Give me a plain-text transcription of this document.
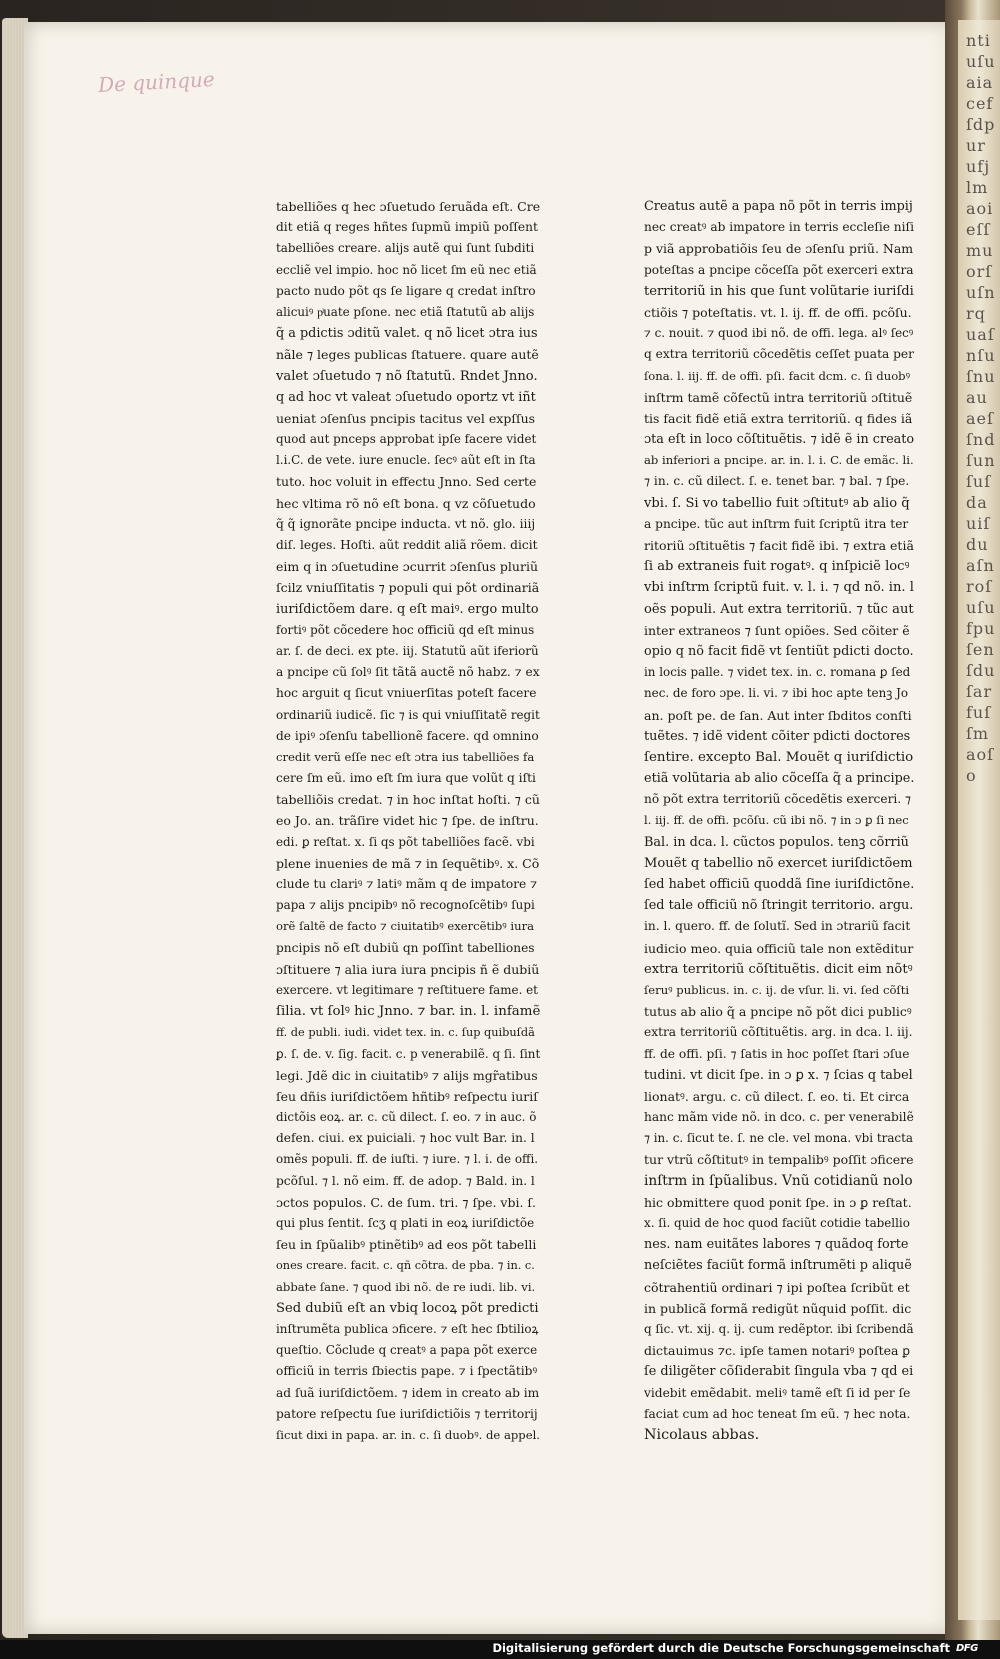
ntiuſuaiacefſdpurufjlmaoieſſmuorſuſnrquaſnſuſnuauaeſſndſunſuſdauiſduaſnroſuſufpuſenſduſarfuſſmaoſo
De quinque
tabelliões q hec ɔſuetudo ſeruãda eſt. Cre
dit etiã q reges hñtes ſupmũ impiũ poſſent
tabelliões creare. alijs autẽ qui ſunt ſubditi
eccliẽ vel impio. hoc nõ licet ſm eũ nec etiã
pacto nudo põt qs ſe ligare q credat inſtro
alicuiꝰ pͥuate pſone. nec etiã ſtatutũ ab alijs
q̃ a pdictis ɔditũ valet. q nõ licet ɔtra ius
nãle ⁊ leges publicas ſtatuere. quare autẽ
valet ɔſuetudo ⁊ nõ ſtatutũ. Rndet Jnno.
q ad hoc vt valeat ɔſuetudo oportz vt iñt
ueniat ɔſenſus pncipis tacitus vel expſſus
quod aut pnceps approbat ipſe facere videt
l.i.C. de vete. iure enucle. ſecꝰ aũt eſt in ſta
tuto. hoc voluit in effectu Jnno. Sed certe
hec vltima rõ nõ eſt bona. q vz cõſuetudo
q̃ q̃ ignorãte pncipe inducta. vt nõ. glo. iiij
diſ. leges. Hoſti. aũt reddit aliã rõem. dicit
eim q in ɔſuetudine ɔcurrit ɔſenſus pluriũ
ſcilz vniuſſitatis ⁊ populi qui põt ordinariã
iuriſdictõem dare. q eſt maiꝰ. ergo multo
fortiꝰ põt cõcedere hoc officiũ qd eſt minus
ar. ſ. de deci. ex pte. iij. Statutũ aũt iferiorũ
a pncipe cũ ſolꝰ ſit tãtã auctẽ nõ habz. ⁊ ex
hoc arguit q ſicut vniuerſitas poteſt facere
ordinariũ iudicẽ. ſic ⁊ is qui vniuſſitatẽ regit
de ipiꝰ ɔſenſu tabellionẽ facere. qd omnino
credit verũ eſſe nec eſt ɔtra ius tabelliões fa
cere ſm eũ. imo eſt ſm iura que volũt q iſti
tabelliõis credat. ⁊ in hoc inſtat hoſti. ⁊ cũ
eo Jo. an. trãſire videt hic ⁊ ſpe. de inſtru.
edi. ꝑ reſtat. x. ſi qs põt tabelliões facẽ. vbi
plene inuenies de mã ⁊ in ſequẽtibꝰ. x. Cõ
clude tu clariꝰ ⁊ latiꝰ mãm q de impatore ⁊
papa ⁊ alijs pncipibꝰ nõ recognoſcẽtibꝰ ſupi
orẽ ſaltẽ de facto ⁊ ciuitatibꝰ exercẽtibꝰ iura
pncipis nõ eſt dubiũ qn poſſint tabelliones
ɔſtituere ⁊ alia iura iura pncipis ñ ẽ dubiũ
exercere. vt legitimare ⁊ reſtituere fame. et
ſilia. vt ſolꝰ hic Jnno. ⁊ bar. in. l. infamẽ
ff. de publi. iudi. videt tex. in. c. ſup quibuſdã
ꝑ. ſ. de. v. ſig. facit. c. p venerabilẽ. q ſi. ſint
legi. Jdẽ dic in ciuitatibꝰ ⁊ alijs mgr̃atibus
ſeu dñis iuriſdictõem hñtibꝰ reſpectu iuriſ
dictõis eoꝝ. ar. c. cũ dilect. ſ. eo. ⁊ in auc. õ
defen. ciui. ex puiciali. ⁊ hoc vult Bar. in. l
omẽs populi. ff. de iuſti. ⁊ iure. ⁊ l. i. de offi.
pcõſul. ⁊ l. nõ eim. ff. de adop. ⁊ Bald. in. l
ɔctos populos. C. de ſum. tri. ⁊ ſpe. vbi. ſ.
qui plus ſentit. ſcʒ q plati in eoꝝ iuriſdictõe
ſeu in ſpũalibꝰ ptinẽtibꝰ ad eos põt tabelli
ones creare. facit. c. qñ cõtra. de pba. ⁊ in. c.
abbate ſane. ⁊ quod ibi nõ. de re iudi. lib. vi.
Sed dubiũ eſt an vbiq locoꝝ põt predicti
inſtrumẽta publica ɔficere. ⁊ eſt hec ſbtilioꝝ
queſtio. Cõclude q creatꝰ a papa põt exerce
officiũ in terris ſbiectis pape. ⁊ i ſpectãtibꝰ
ad ſuã iuriſdictõem. ⁊ idem in creato ab im
patore reſpectu ſue iuriſdictiõis ⁊ territorij
ſicut dixi in papa. ar. in. c. ſi duobꝰ. de appel.
Creatus autẽ a papa nõ põt in terris impij
nec creatꝰ ab impatore in terris eccleſie niſi
p viã approbatiõis ſeu de ɔſenſu priũ. Nam
poteſtas a pncipe cõceſſa põt exerceri extra
territoriũ in his que ſunt volũtarie iuriſdi
ctiõis ⁊ poteſtatis. vt. l. ij. ff. de offi. pcõſu.
⁊ c. nouit. ⁊ quod ibi nõ. de offi. lega. alꝰ ſecꝰ
q extra territoriũ cõcedẽtis ceſſet puata per
ſona. l. iij. ff. de offi. pſi. facit dcm. c. ſi duobꝰ
inſtrm tamẽ cõfectũ intra territoriũ ɔſtituẽ
tis facit fidẽ etiã extra territoriũ. q fides iã
ɔta eſt in loco cõſtituẽtis. ⁊ idẽ ẽ in creato
ab inferiori a pncipe. ar. in. l. i. C. de emãc. li.
⁊ in. c. cũ dilect. ſ. e. tenet bar. ⁊ bal. ⁊ ſpe.
vbi. ſ. Si vo tabellio fuit ɔſtitutꝰ ab alio q̃
a pncipe. tũc aut inſtrm fuit ſcriptũ itra ter
ritoriũ ɔſtituẽtis ⁊ facit fidẽ ibi. ⁊ extra etiã
ſi ab extraneis fuit rogatꝰ. q inſpiciẽ locꝰ
vbi inſtrm ſcriptũ fuit. v. l. i. ⁊ qd nõ. in. l
oẽs populi. Aut extra territoriũ. ⁊ tũc aut
inter extraneos ⁊ ſunt opiões. Sed cõiter ẽ
opio q nõ facit fidẽ vt ſentiũt pdicti docto.
in locis palle. ⁊ videt tex. in. c. romana ꝑ ſed
nec. de foro ɔpe. li. vi. ⁊ ibi hoc apte tenꝫ Jo
an. poſt pe. de ſan. Aut inter ſbditos conſti
tuẽtes. ⁊ idẽ vident cõiter pdicti doctores
ſentire. excepto Bal. Mouẽt q iuriſdictio
etiã volũtaria ab alio cõceſſa q̃ a principe.
nõ põt extra territoriũ cõcedẽtis exerceri. ⁊
l. iij. ff. de offi. pcõſu. cũ ibi nõ. ⁊ in ɔ ꝑ ſi nec
Bal. in dca. l. cũctos populos. tenꝫ cõrriũ
Mouẽt q tabellio nõ exercet iuriſdictõem
ſed habet officiũ quoddã ſine iuriſdictõne.
ſed tale officiũ nõ ſtringit territorio. argu.
in. l. quero. ff. de ſolutĩ. Sed in ɔtrariũ facit
iudicio meo. quia officiũ tale non extẽditur
extra territoriũ cõſtituẽtis. dicit eim nõtꝰ
ſeruꝰ publicus. in. c. ij. de vſur. li. vi. ſed cõſti
tutus ab alio q̃ a pncipe nõ põt dici publicꝰ
extra territoriũ cõſtituẽtis. arg. in dca. l. iij.
ff. de offi. pſi. ⁊ ſatis in hoc poſſet ſtari ɔſue
tudini. vt dicit ſpe. in ɔ ꝑ x. ⁊ ſcias q tabel
lionatꝰ. argu. c. cũ dilect. ſ. eo. ti. Et circa
hanc mãm vide nõ. in dco. c. per venerabilẽ
⁊ in. c. ſicut te. ſ. ne cle. vel mona. vbi tracta
tur vtrũ cõſtitutꝰ in tempalibꝰ poſſit ɔficere
inſtrm in ſpũalibus. Vnũ cotidianũ nolo
hic obmittere quod ponit ſpe. in ɔ ꝑ reſtat.
x. ſi. quid de hoc quod faciũt cotidie tabellio
nes. nam euitãtes labores ⁊ quãdoq forte
neſciẽtes faciũt formã inſtrumẽti p aliquẽ
cõtrahentiũ ordinari ⁊ ipi poſtea ſcribũt et
in publicã formã redigũt nũquid poſſit. dic
q ſic. vt. xij. q. ij. cum redẽptor. ibi ſcribendã
dictauimus ⁊c. ipſe tamen notariꝰ poſtea ꝑ
ſe diligẽter cõſiderabit ſingula vba ⁊ qd ei
videbit emẽdabit. meliꝰ tamẽ eſt ſi id per ſe
faciat cum ad hoc teneat ſm eũ. ⁊ hec nota.
Nicolaus abbas.
Digitalisierung gefördert durch die Deutsche Forschungsgemeinschaft DFG
